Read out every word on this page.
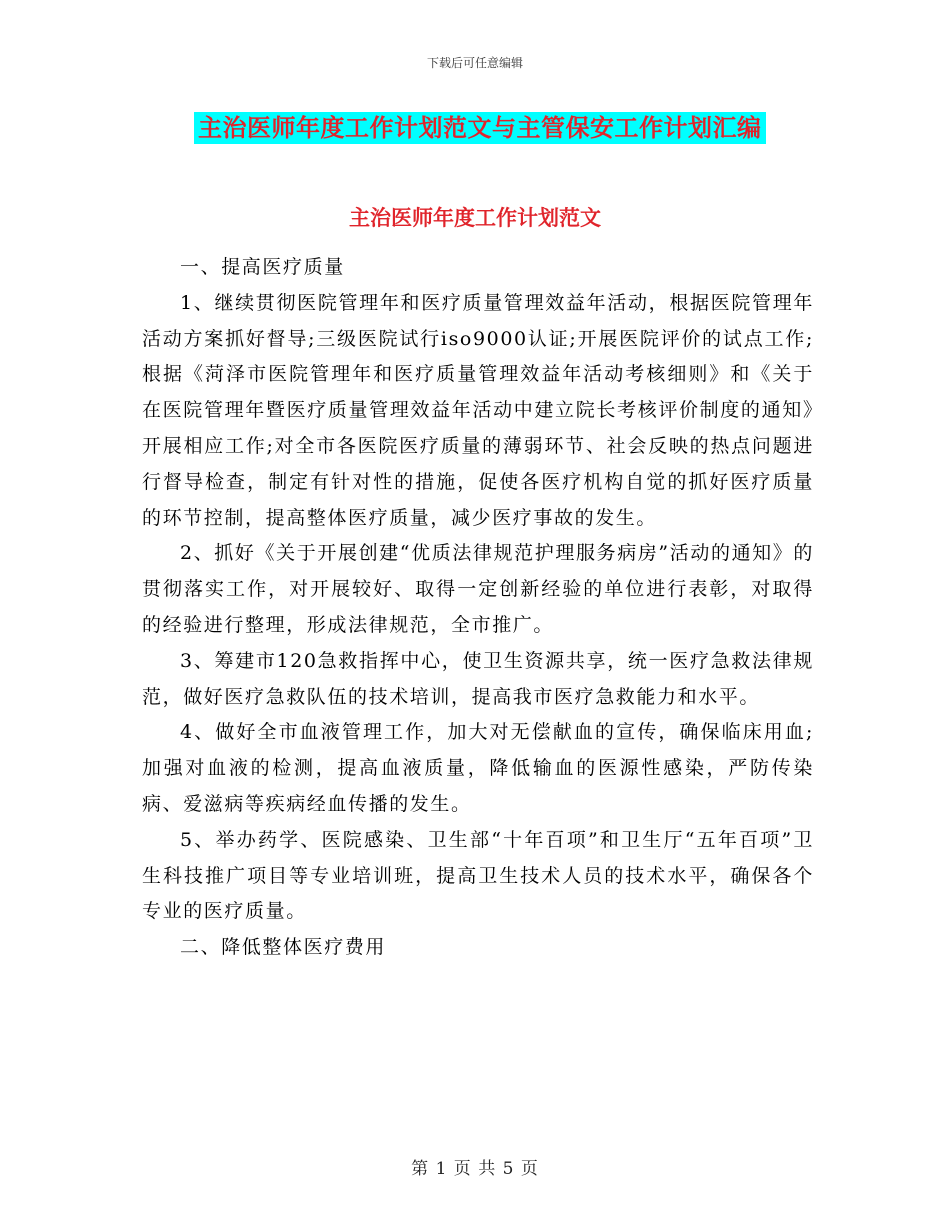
下载后可任意编辑
主治医师年度工作计划范文与主管保安工作计划汇编
主治医师年度工作计划范文

一、提高医疗质量

1、继续贯彻医院管理年和医疗质量管理效益年活动，根据医院管理年活动方案抓好督导;三级医院试行iso9000认证;开展医院评价的试点工作;根据《菏泽市医院管理年和医疗质量管理效益年活动考核细则》和《关于在医院管理年暨医疗质量管理效益年活动中建立院长考核评价制度的通知》开展相应工作;对全市各医院医疗质量的薄弱环节、社会反映的热点问题进行督导检查，制定有针对性的措施，促使各医疗机构自觉的抓好医疗质量的环节控制，提高整体医疗质量，减少医疗事故的发生。

2、抓好《关于开展创建“优质法律规范护理服务病房”活动的通知》的贯彻落实工作，对开展较好、取得一定创新经验的单位进行表彰，对取得的经验进行整理，形成法律规范，全市推广。

3、筹建市120急救指挥中心，使卫生资源共享，统一医疗急救法律规范，做好医疗急救队伍的技术培训，提高我市医疗急救能力和水平。

4、做好全市血液管理工作，加大对无偿献血的宣传，确保临床用血;加强对血液的检测，提高血液质量，降低输血的医源性感染，严防传染病、爱滋病等疾病经血传播的发生。

5、举办药学、医院感染、卫生部“十年百项”和卫生厅“五年百项”卫生科技推广项目等专业培训班，提高卫生技术人员的技术水平，确保各个专业的医疗质量。

二、降低整体医疗费用

第 1 页 共 5 页
